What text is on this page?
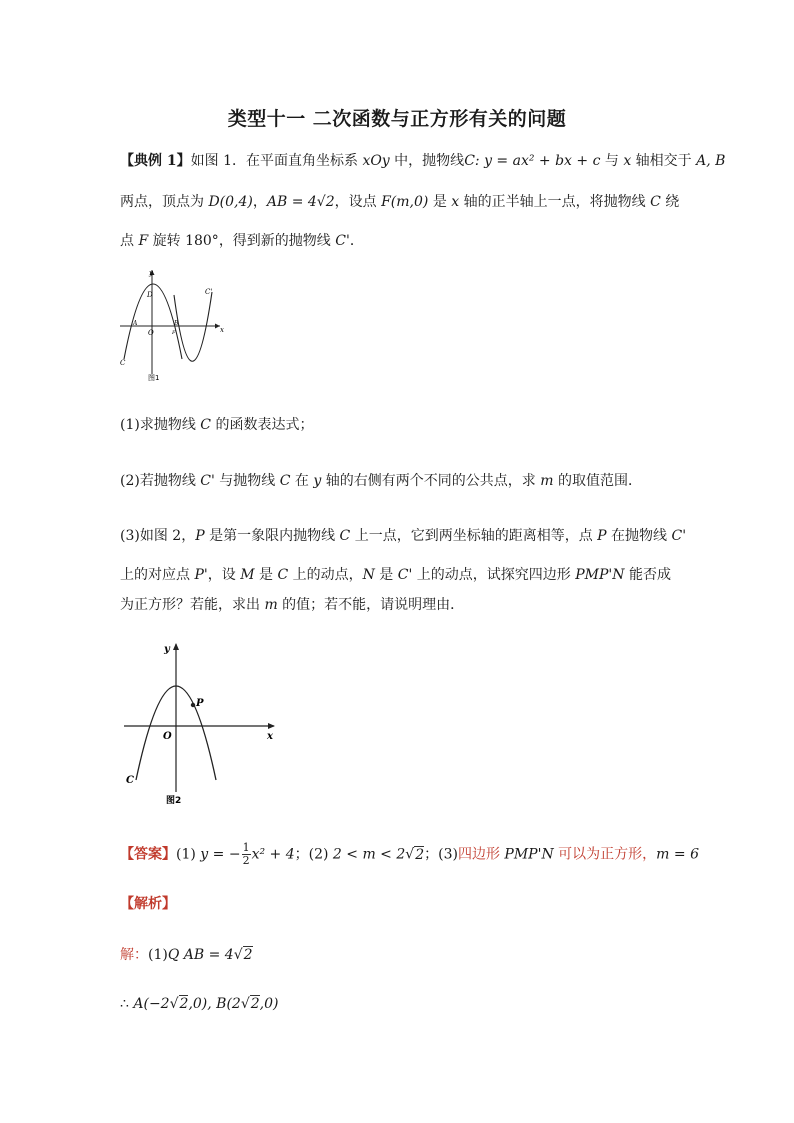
类型十一 二次函数与正方形有关的问题
【典例 1】如图 1．在平面直角坐标系 xOy 中，抛物线C: y = ax² + bx + c 与 x 轴相交于 A, B
两点，顶点为 D(0,4)，AB = 4√2，设点 F(m,0) 是 x 轴的正半轴上一点，将抛物线 C 绕
点 F 旋转 180°，得到新的抛物线 C'．
y
x
D
A	B
O	F
C
C'
图1
(1)求抛物线 C 的函数表达式；
(2)若抛物线 C' 与抛物线 C 在 y 轴的右侧有两个不同的公共点，求 m 的取值范围．
(3)如图 2，P 是第一象限内抛物线 C 上一点，它到两坐标轴的距离相等，点 P 在抛物线 C'
上的对应点 P'，设 M 是 C 上的动点，N 是 C' 上的动点，试探究四边形 PMP'N 能否成
为正方形？若能，求出 m 的值；若不能，请说明理由．
y
x
O
P
C
图2
【答案】(1) y = − $\frac{1}{2} x^2 + 4$；(2) 2 < m < 2√2；(3)四边形 PMP'N 可以为正方形，m = 6
【解析】
解：(1)Q AB = 4√2
∴ A(−2√2,0), B(2√2,0)
